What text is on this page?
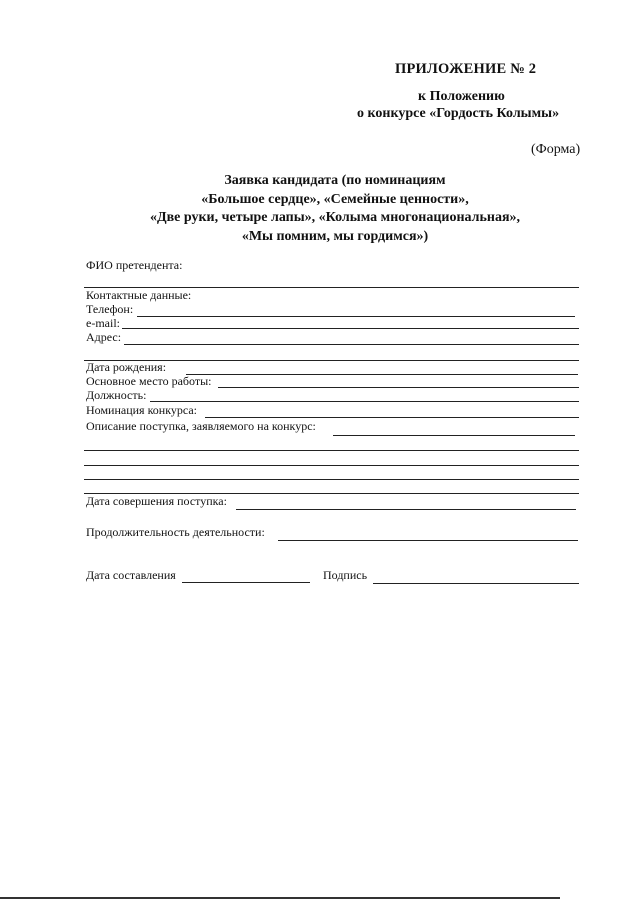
ПРИЛОЖЕНИЕ № 2
к Положению
о конкурсе «Гордость Колымы»
(Форма)
Заявка кандидата (по номинациям
«Большое сердце», «Семейные ценности»,
«Две руки, четыре лапы», «Колыма многонациональная»,
«Мы помним, мы гордимся»)
ФИО претендента:
Контактные данные:
Телефон:
e-mail:
Адрес:
Дата рождения:
Основное место работы:
Должность:
Номинация конкурса:
Описание поступка, заявляемого на конкурс:
Дата совершения поступка:
Продолжительность деятельности:
Дата составления	Подпись
